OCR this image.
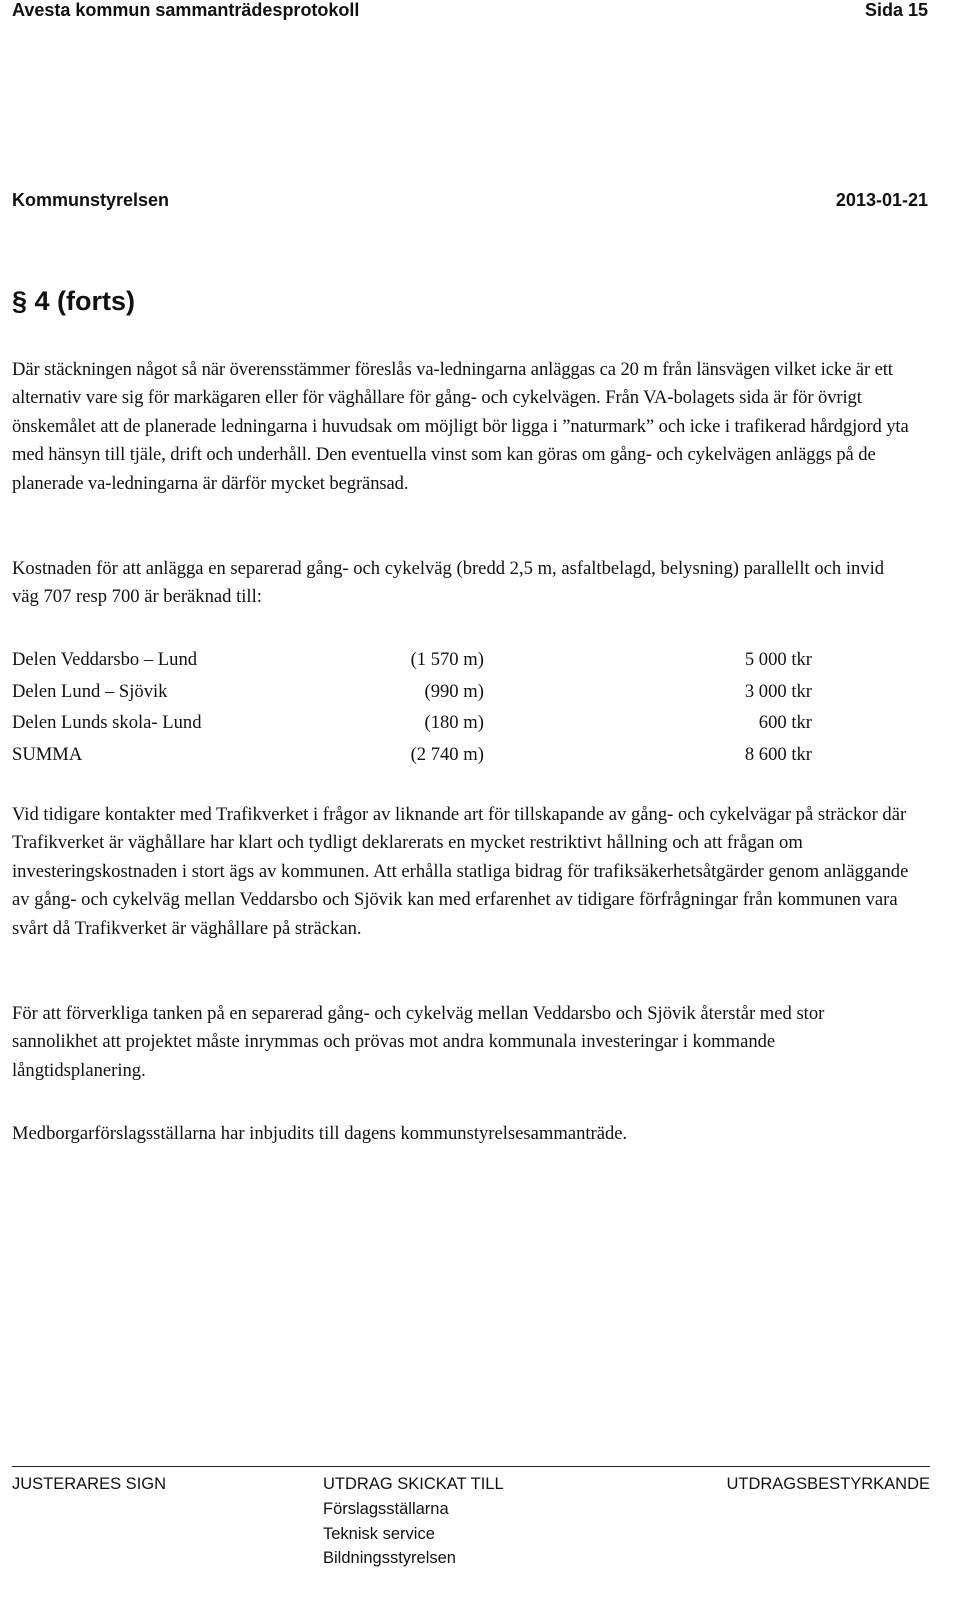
Avesta kommun sammanträdesprotokoll	Sida 15
Kommunstyrelsen	2013-01-21
§ 4 (forts)

Där stäckningen något så när överensstämmer föreslås va-ledningarna anläggas ca 20 m från länsvägen vilket icke är ett alternativ vare sig för markägaren eller för väghållare för gång- och cykelvägen. Från VA-bolagets sida är för övrigt önskemålet att de planerade ledningarna i huvudsak om möjligt bör ligga i ”naturmark” och icke i trafikerad hårdgjord yta med hänsyn till tjäle, drift och underhåll. Den eventuella vinst som kan göras om gång- och cykelvägen anläggs på de planerade va-ledningarna är därför mycket begränsad.

Kostnaden för att anlägga en separerad gång- och cykelväg (bredd 2,5 m, asfaltbelagd, belysning) parallellt och invid väg 707 resp 700 är beräknad till:

Delen Veddarsbo – Lund	(1 570 m)	5 000 tkr
Delen Lund – Sjövik	(990 m)	3 000 tkr
Delen Lunds skola- Lund	(180 m)	600 tkr
SUMMA	(2 740 m)	8 600 tkr

Vid tidigare kontakter med Trafikverket i frågor av liknande art för tillskapande av gång- och cykelvägar på sträckor där Trafikverket är väghållare har klart och tydligt deklarerats en mycket restriktivt hållning och att frågan om investeringskostnaden i stort ägs av kommunen. Att erhålla statliga bidrag för trafiksäkerhetsåtgärder genom anläggande av gång- och cykelväg mellan Veddarsbo och Sjövik kan med erfarenhet av tidigare förfrågningar från kommunen vara svårt då Trafikverket är väghållare på sträckan.

För att förverkliga tanken på en separerad gång- och cykelväg mellan Veddarsbo och Sjövik återstår med stor sannolikhet att projektet måste inrymmas och prövas mot andra kommunala investeringar i kommande långtidsplanering.

Medborgarförslagsställarna har inbjudits till dagens kommunstyrelsesammanträde.

JUSTERARES SIGN	UTDRAG SKICKAT TILL
Förslagsställarna
Teknisk service
Bildningsstyrelsen
UTDRAGSBESTYRKANDE
